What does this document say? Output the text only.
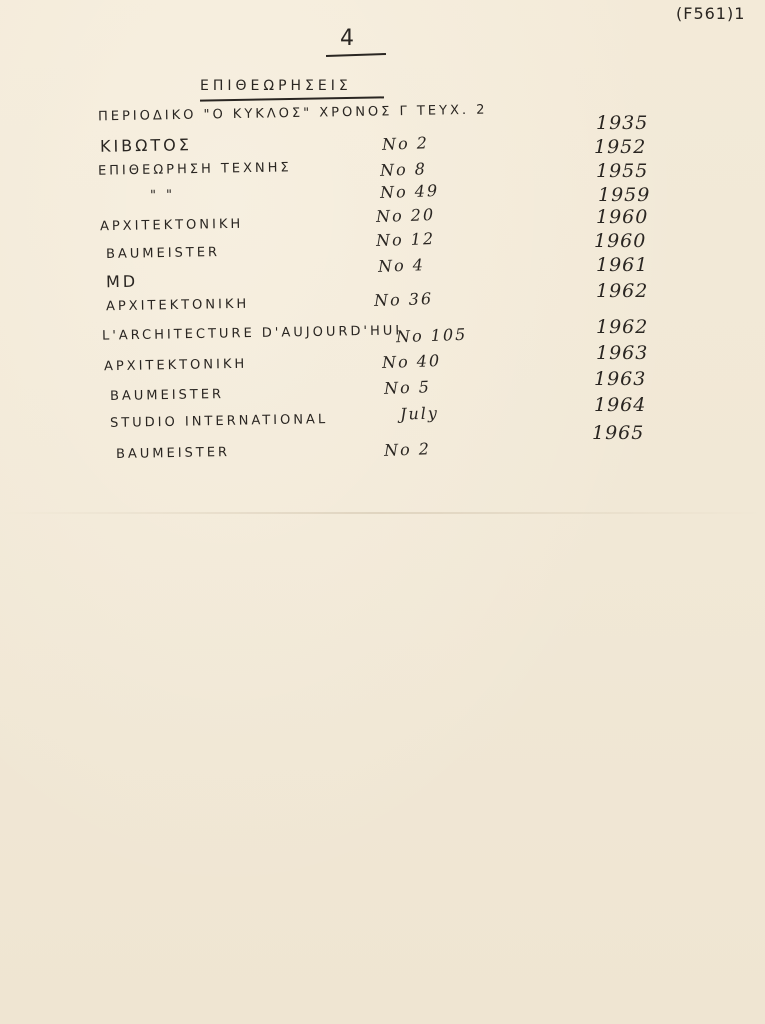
(F561)1
4
ΕΠΙΘΕΩΡΗΣΕΙΣ
ΠΕΡΙΟΔΙΚΟ "Ο ΚΥΚΛΟΣ" ΧΡΟΝΟΣ Γ ΤΕΥΧ. 2
ΚΙΒΩΤΟΣ
ΕΠΙΘΕΩΡΗΣΗ ΤΕΧΝΗΣ
" "
ΑΡΧΙΤΕΚΤΟΝΙΚΗ
BAUMEISTER
MD
ΑΡΧΙΤΕΚΤΟΝΙΚΗ
L'ARCHITECTURE D'AUJOURD'HUI
ΑΡΧΙΤΕΚΤΟΝΙΚΗ
BAUMEISTER
STUDIO INTERNATIONAL
BAUMEISTER
Νο 2
Νο 8
Νο 49
Νο 20
Νο 12
Νο 4
Νο 36
Νο 105
Νο 40
Νο 5
July
Νο 2
1935
1952
1955
1959
1960
1960
1961
1962
1962
1963
1963
1964
1965
